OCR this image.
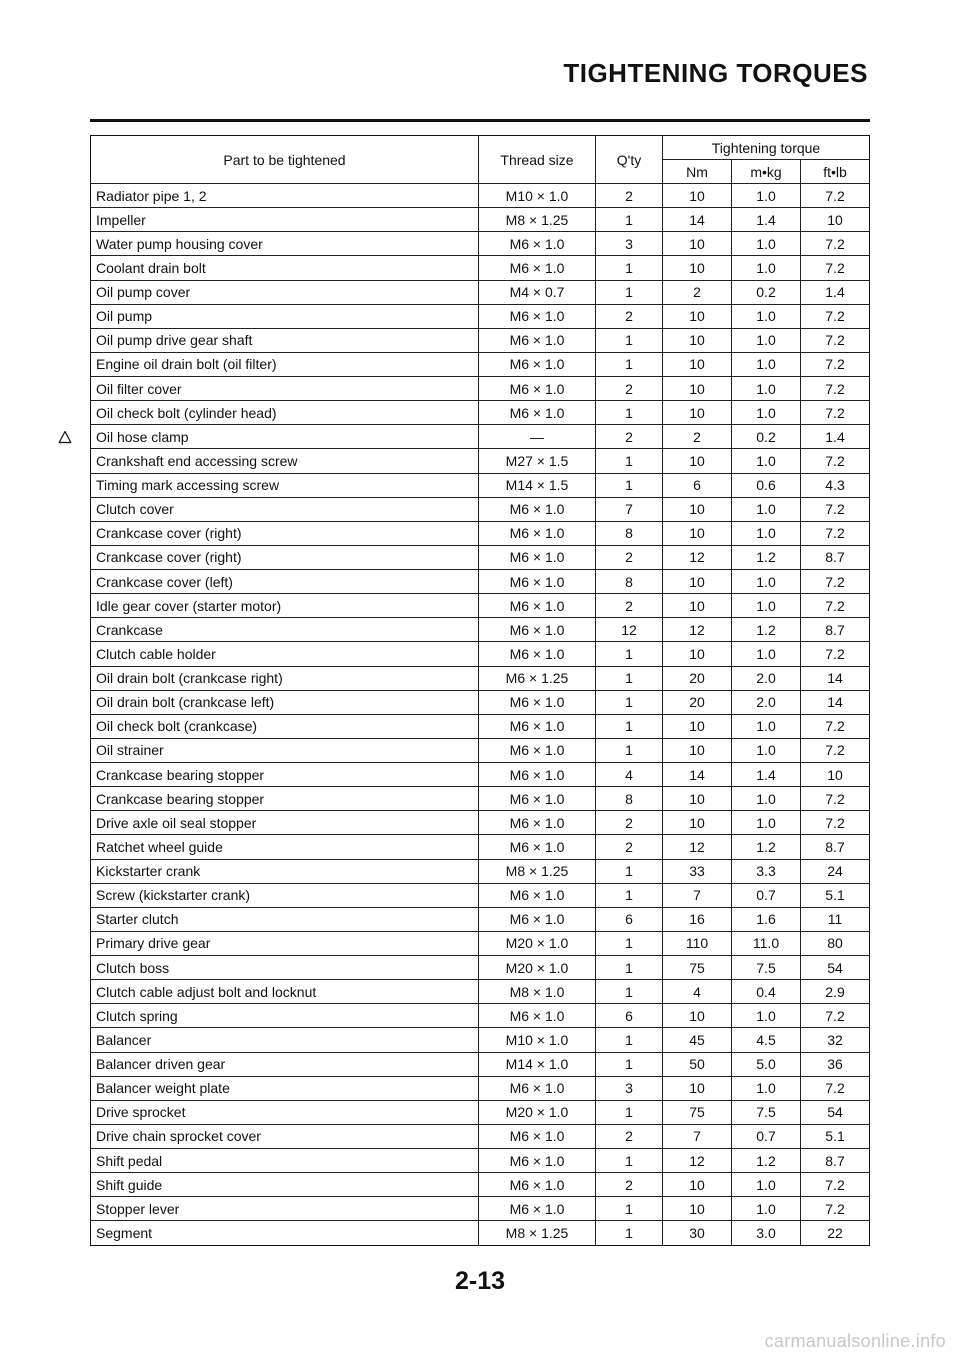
TIGHTENING TORQUES
Part to be tightened	Thread size	Q'ty	Tightening torque		
			Nm	m•kg	ft•lb
Radiator pipe 1, 2	M10 × 1.0	2	10	1.0	7.2
Impeller	M8 × 1.25	1	14	1.4	10
Water pump housing cover	M6 × 1.0	3	10	1.0	7.2
Coolant drain bolt	M6 × 1.0	1	10	1.0	7.2
Oil pump cover	M4 × 0.7	1	2	0.2	1.4
Oil pump	M6 × 1.0	2	10	1.0	7.2
Oil pump drive gear shaft	M6 × 1.0	1	10	1.0	7.2
Engine oil drain bolt (oil filter)	M6 × 1.0	1	10	1.0	7.2
Oil filter cover	M6 × 1.0	2	10	1.0	7.2
Oil check bolt (cylinder head)	M6 × 1.0	1	10	1.0	7.2
Oil hose clamp	—	2	2	0.2	1.4
Crankshaft end accessing screw	M27 × 1.5	1	10	1.0	7.2
Timing mark accessing screw	M14 × 1.5	1	6	0.6	4.3
Clutch cover	M6 × 1.0	7	10	1.0	7.2
Crankcase cover (right)	M6 × 1.0	8	10	1.0	7.2
Crankcase cover (right)	M6 × 1.0	2	12	1.2	8.7
Crankcase cover (left)	M6 × 1.0	8	10	1.0	7.2
Idle gear cover (starter motor)	M6 × 1.0	2	10	1.0	7.2
Crankcase	M6 × 1.0	12	12	1.2	8.7
Clutch cable holder	M6 × 1.0	1	10	1.0	7.2
Oil drain bolt (crankcase right)	M6 × 1.25	1	20	2.0	14
Oil drain bolt (crankcase left)	M6 × 1.0	1	20	2.0	14
Oil check bolt (crankcase)	M6 × 1.0	1	10	1.0	7.2
Oil strainer	M6 × 1.0	1	10	1.0	7.2
Crankcase bearing stopper	M6 × 1.0	4	14	1.4	10
Crankcase bearing stopper	M6 × 1.0	8	10	1.0	7.2
Drive axle oil seal stopper	M6 × 1.0	2	10	1.0	7.2
Ratchet wheel guide	M6 × 1.0	2	12	1.2	8.7
Kickstarter crank	M8 × 1.25	1	33	3.3	24
Screw (kickstarter crank)	M6 × 1.0	1	7	0.7	5.1
Starter clutch	M6 × 1.0	6	16	1.6	11
Primary drive gear	M20 × 1.0	1	110	11.0	80
Clutch boss	M20 × 1.0	1	75	7.5	54
Clutch cable adjust bolt and locknut	M8 × 1.0	1	4	0.4	2.9
Clutch spring	M6 × 1.0	6	10	1.0	7.2
Balancer	M10 × 1.0	1	45	4.5	32
Balancer driven gear	M14 × 1.0	1	50	5.0	36
Balancer weight plate	M6 × 1.0	3	10	1.0	7.2
Drive sprocket	M20 × 1.0	1	75	7.5	54
Drive chain sprocket cover	M6 × 1.0	2	7	0.7	5.1
Shift pedal	M6 × 1.0	1	12	1.2	8.7
Shift guide	M6 × 1.0	2	10	1.0	7.2
Stopper lever	M6 × 1.0	1	10	1.0	7.2
Segment	M8 × 1.25	1	30	3.0	22
2-13
carmanualsonline.info
